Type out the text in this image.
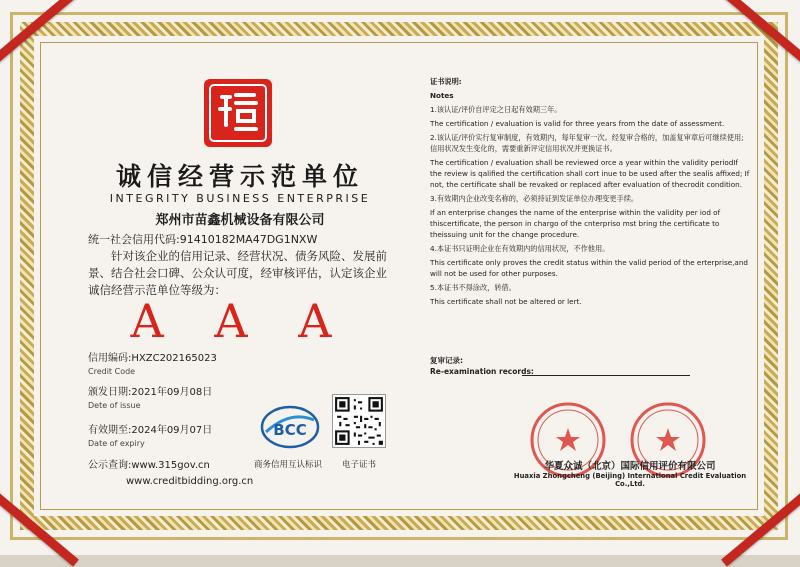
诚信经营示范单位
INTEGRITY BUSINESS ENTERPRISE
郑州市苗鑫机械设备有限公司
统一社会信用代码:91410182MA47DG1NXW
针对该企业的信用记录、经营状况、债务风险、发展前景、结合社会口碑、公众认可度，经审核评估，认定该企业诚信经营示范单位等级为：
A A A
信用编码:HXZC202165023
Credit Code
颁发日期:2021年09月08日
Dete of issue
有效期至:2024年09月07日
Date of expiry
公示查询:www.315gov.cn
www.creditbidding.org.cn
BCC
商务信用互认标识 电子证书

证书说明:

Notes

1.该认证/评价自评定之日起有效期三年。

The certification / evaluation is valid for three years from the date of assessment.

2.该认证/评价实行复审制度，有效期内，每年复审一次。经复审合格的，加盖复审章后可继续使用;信用状况发生变化的，需要重新评定信用状况并更换证书。

The certification / evaluation shall be reviewed orce a year within the validity periodIf the review is qalified the certification shall cort inue to be used after the sealis affixed; If not, the certificate shall be revaked or replaced after evaluation of thecrodit condition.

3.有效期内企业改变名称的，必须持证到发证单位办理变更手续。

If an enterprise changes the name of the enterprise within the validity per iod of thiscertificate, the person in chargo of the cnterpriso mst bring the certificate to theissuing unit for the change procedure.

4.本证书只证明企业在有效期内的信用状况，不作他用。

This certificate only proves the credit status within the valid period of the erterprise,and will not be used for other purposes.

5.本证书不得涂改，转借。

This certificate shall not be altered or lert.

复审记录:
Re-examination records:
华夏众诚（北京）国际信用评价有限公司
Huaxia Zhongcheng (Beijing) International Credit Evaluation Co.,Ltd.
